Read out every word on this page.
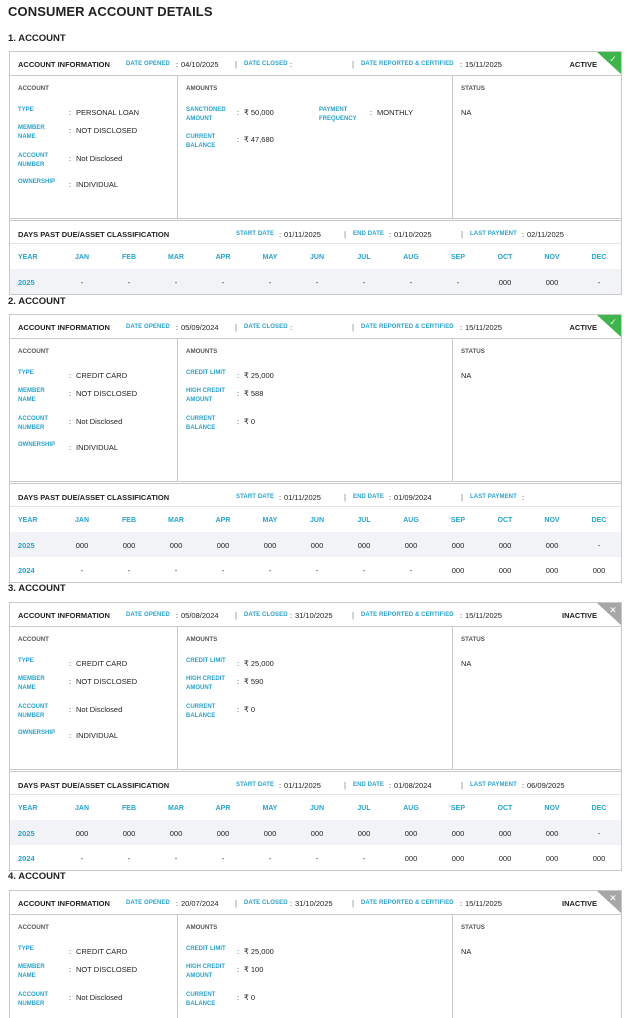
CONSUMER ACCOUNT DETAILS
1. ACCOUNT
ACCOUNT INFORMATION	DATE OPENED : 04/10/2025 | DATE CLOSED :	| DATE REPORTED & CERTIFIED : 15/11/2025	ACTIVE ✓
ACCOUNT
TYPE	: PERSONAL LOAN
MEMBER NAME
: NOT DISCLOSED
ACCOUNT NUMBER
: Not Disclosed
OWNERSHIP	: INDIVIDUAL
AMOUNTS
SANCTIONED AMOUNT
: ₹ 50,000
CURRENT BALANCE
: ₹ 47,680
PAYMENT FREQUENCY
: MONTHLY
STATUS
NA
DAYS PAST DUE/ASSET CLASSIFICATION	START DATE : 01/11/2025	| END DATE : 01/10/2025	| LAST PAYMENT : 02/11/2025
YEAR	JAN	FEB	MAR	APR	MAY	JUN	JUL	AUG	SEP	OCT	NOV	DEC
2025	-	-	-	-	-	-	-	-	-	000	000	-
2. ACCOUNT
ACCOUNT INFORMATION	DATE OPENED : 05/09/2024 | DATE CLOSED :	| DATE REPORTED & CERTIFIED : 15/11/2025	ACTIVE ✓
ACCOUNT
TYPE	: CREDIT CARD
MEMBER NAME
: NOT DISCLOSED
ACCOUNT NUMBER
: Not Disclosed
OWNERSHIP	: INDIVIDUAL
AMOUNTS
CREDIT LIMIT	: ₹ 25,000
HIGH CREDIT AMOUNT
: ₹ 588
CURRENT BALANCE
: ₹ 0
STATUS
NA
DAYS PAST DUE/ASSET CLASSIFICATION	START DATE : 01/11/2025	| END DATE : 01/09/2024	| LAST PAYMENT :
YEAR	JAN	FEB	MAR	APR	MAY	JUN	JUL	AUG	SEP	OCT	NOV	DEC
2025	000	000	000	000	000	000	000	000	000	000	000	-
2024	-	-	-	-	-	-	-	-	000	000	000	000
3. ACCOUNT
ACCOUNT INFORMATION	DATE OPENED : 05/08/2024 | DATE CLOSED : 31/10/2025 | DATE REPORTED & CERTIFIED : 15/11/2025	INACTIVE ✕
ACCOUNT
TYPE	: CREDIT CARD
MEMBER NAME
: NOT DISCLOSED
ACCOUNT NUMBER
: Not Disclosed
OWNERSHIP	: INDIVIDUAL
AMOUNTS
CREDIT LIMIT	: ₹ 25,000
HIGH CREDIT AMOUNT
: ₹ 590
CURRENT BALANCE
: ₹ 0
STATUS
NA
DAYS PAST DUE/ASSET CLASSIFICATION	START DATE : 01/11/2025	| END DATE : 01/08/2024	| LAST PAYMENT : 06/09/2025
YEAR	JAN	FEB	MAR	APR	MAY	JUN	JUL	AUG	SEP	OCT	NOV	DEC
2025	000	000	000	000	000	000	000	000	000	000	000	-
2024	-	-	-	-	-	-	-	000	000	000	000	000
4. ACCOUNT
ACCOUNT INFORMATION	DATE OPENED : 20/07/2024 | DATE CLOSED : 31/10/2025 | DATE REPORTED & CERTIFIED : 15/11/2025	INACTIVE ✕
ACCOUNT
TYPE	: CREDIT CARD
MEMBER NAME
: NOT DISCLOSED
ACCOUNT NUMBER
: Not Disclosed
AMOUNTS
CREDIT LIMIT	: ₹ 25,000
HIGH CREDIT AMOUNT
: ₹ 100
CURRENT BALANCE
: ₹ 0
STATUS
NA
